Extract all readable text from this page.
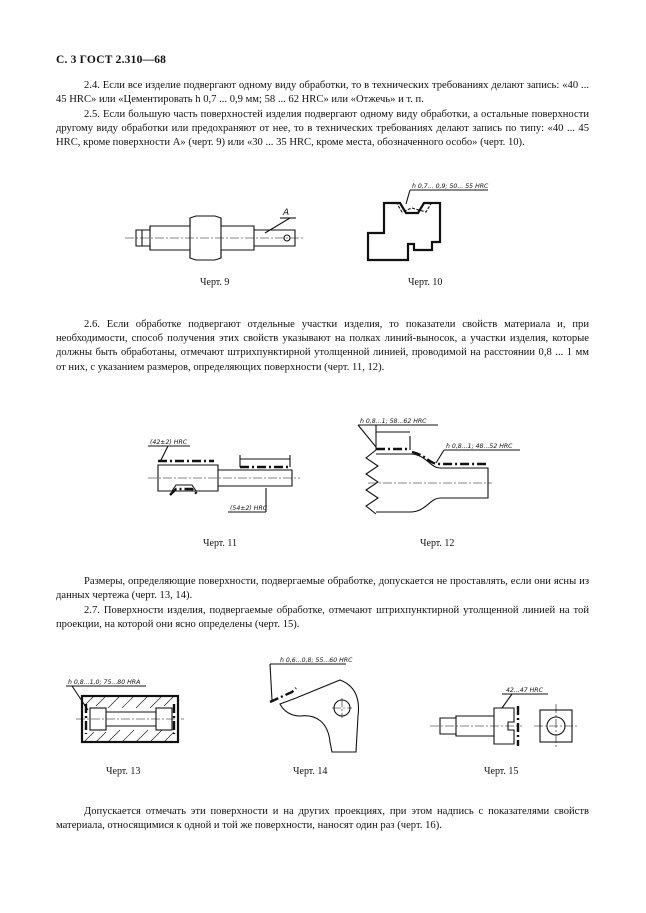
С. 3 ГОСТ 2.310—68

2.4. Если все изделие подвергают одному виду обработки, то в технических требованиях делают запись: «40 ... 45 HRC» или «Цементировать h 0,7 ... 0,9 мм; 58 ... 62 HRC» или «Отжечь» и т. п.

2.5. Если большую часть поверхностей изделия подвергают одному виду обработки, а остальные поверхности другому виду обработки или предохраняют от нее, то в технических требованиях делают запись по типу: «40 ... 45 HRC, кроме поверхности А» (черт. 9) или «30 ... 35 HRC, кроме места, обозначенного особо» (черт. 10).

2.6. Если обработке подвергают отдельные участки изделия, то показатели свойств материала и, при необходимости, способ получения этих свойств указывают на полках линий-выносок, а участки изделия, которые должны быть обработаны, отмечают штрихпунктирной утолщенной линией, проводимой на расстоянии 0,8 ... 1 мм от них, с указанием размеров, определяющих поверхности (черт. 11, 12).

Размеры, определяющие поверхности, подвергаемые обработке, допускается не проставлять, если они ясны из данных чертежа (черт. 13, 14).

2.7. Поверхности изделия, подвергаемые обработке, отмечают штрихпунктирной утолщенной линией на той проекции, на которой они ясно определены (черт. 15).

Допускается отмечать эти поверхности и на других проекциях, при этом надпись с показателями свойств материала, относящимися к одной и той же поверхности, наносят один раз (черт. 16).

A
Черт. 9
h 0,7... 0,9; 50... 55 HRC
Черт. 10
(42±2) HRC
(54±2) HRC
Черт. 11
h 0,8...1; 58...62 HRC
h 0,8...1; 48...52 HRC
Черт. 12
h 0,8...1,0; 75...80 HRA
Черт. 13
h 0,6...0,8; 55...60 HRC
Черт. 14
42...47 HRC
Черт. 15
